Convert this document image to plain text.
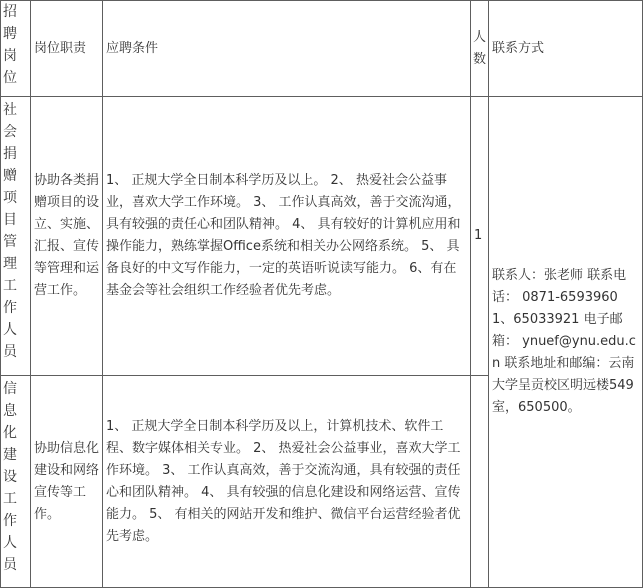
招聘岗位
岗位职责	应聘条件
人数
联系方式
社会捐赠项目管理工作人员
协助各类捐赠项目的设立、实施、汇报、宣传等管理和运营工作。
1、 正规大学全日制本科学历及以上。 2、 热爱社会公益事业，喜欢大学工作环境。 3、 工作认真高效，善于交流沟通，具有较强的责任心和团队精神。 4、 具有较好的计算机应用和操作能力，熟练掌握Office系统和相关办公网络系统。 5、 具备良好的中文写作能力，一定的英语听说读写能力。 6、有在基金会等社会组织工作经验者优先考虑。
1
联系人：张老师 联系电话： 0871-65939601、65033921 电子邮箱： ynuef@ynu.edu.cn 联系地址和邮编：云南大学呈贡校区明远楼549室，650500。
信息化建设工作人员
协助信息化建设和网络宣传等工作。
1、 正规大学全日制本科学历及以上，计算机技术、软件工程、数字媒体相关专业。 2、 热爱社会公益事业，喜欢大学工作环境。 3、 工作认真高效，善于交流沟通，具有较强的责任心和团队精神。 4、 具有较强的信息化建设和网络运营、宣传能力。 5、 有相关的网站开发和维护、微信平台运营经验者优先考虑。
